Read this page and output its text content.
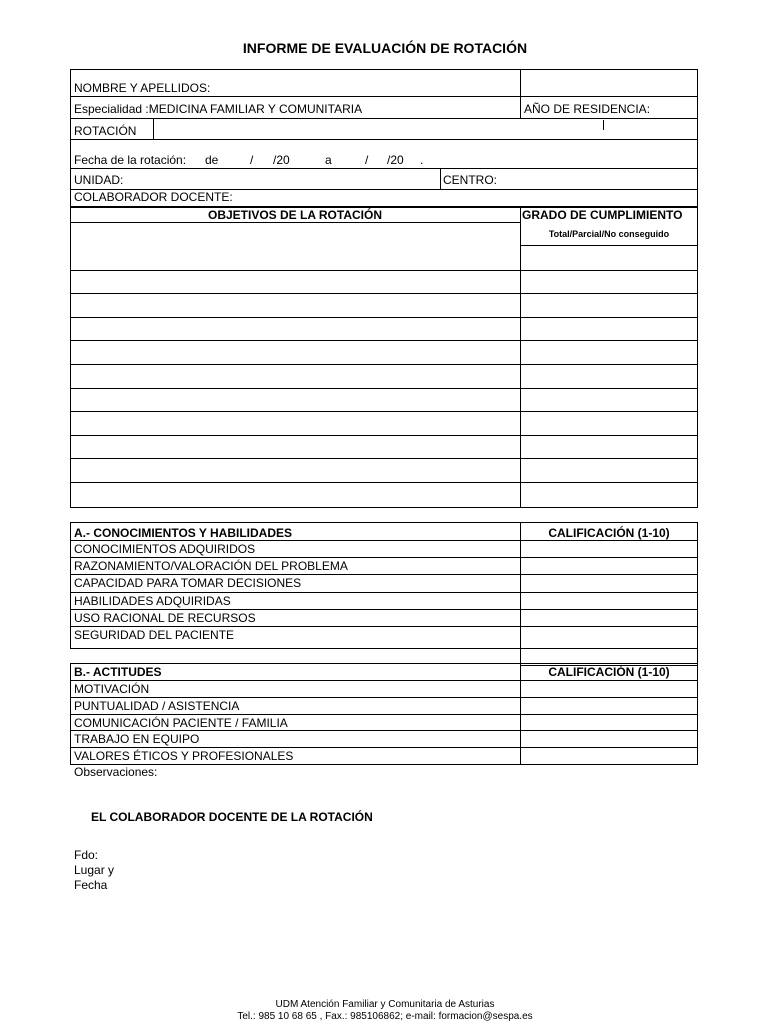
INFORME DE EVALUACIÓN DE ROTACIÓN
NOMBRE Y APELLIDOS:
Especialidad :MEDICINA FAMILIAR Y COMUNITARIA	AÑO DE RESIDENCIA:
ROTACIÓN
Fecha de la rotación: de	/ /20	a	/ /20 .
UNIDAD:	CENTRO:
COLABORADOR DOCENTE:
OBJETIVOS DE LA ROTACIÓN	GRADO DE CUMPLIMIENTO
Total/Parcial/No conseguido
A.- CONOCIMIENTOS Y HABILIDADES	CALIFICACIÓN (1-10)
CONOCIMIENTOS ADQUIRIDOS
RAZONAMIENTO/VALORACIÓN DEL PROBLEMA
CAPACIDAD PARA TOMAR DECISIONES
HABILIDADES ADQUIRIDAS
USO RACIONAL DE RECURSOS
SEGURIDAD DEL PACIENTE
B.- ACTITUDES	CALIFICACIÓN (1-10)
MOTIVACIÓN
PUNTUALIDAD / ASISTENCIA
COMUNICACIÓN PACIENTE / FAMILIA
TRABAJO EN EQUIPO
VALORES ÉTICOS Y PROFESIONALES
Observaciones:
EL COLABORADOR DOCENTE DE LA ROTACIÓN
Fdo:
Lugar y
Fecha
UDM Atención Familiar y Comunitaria de Asturias
Tel.: 985 10 68 65 , Fax.: 985106862; e-mail: formacion@sespa.es
